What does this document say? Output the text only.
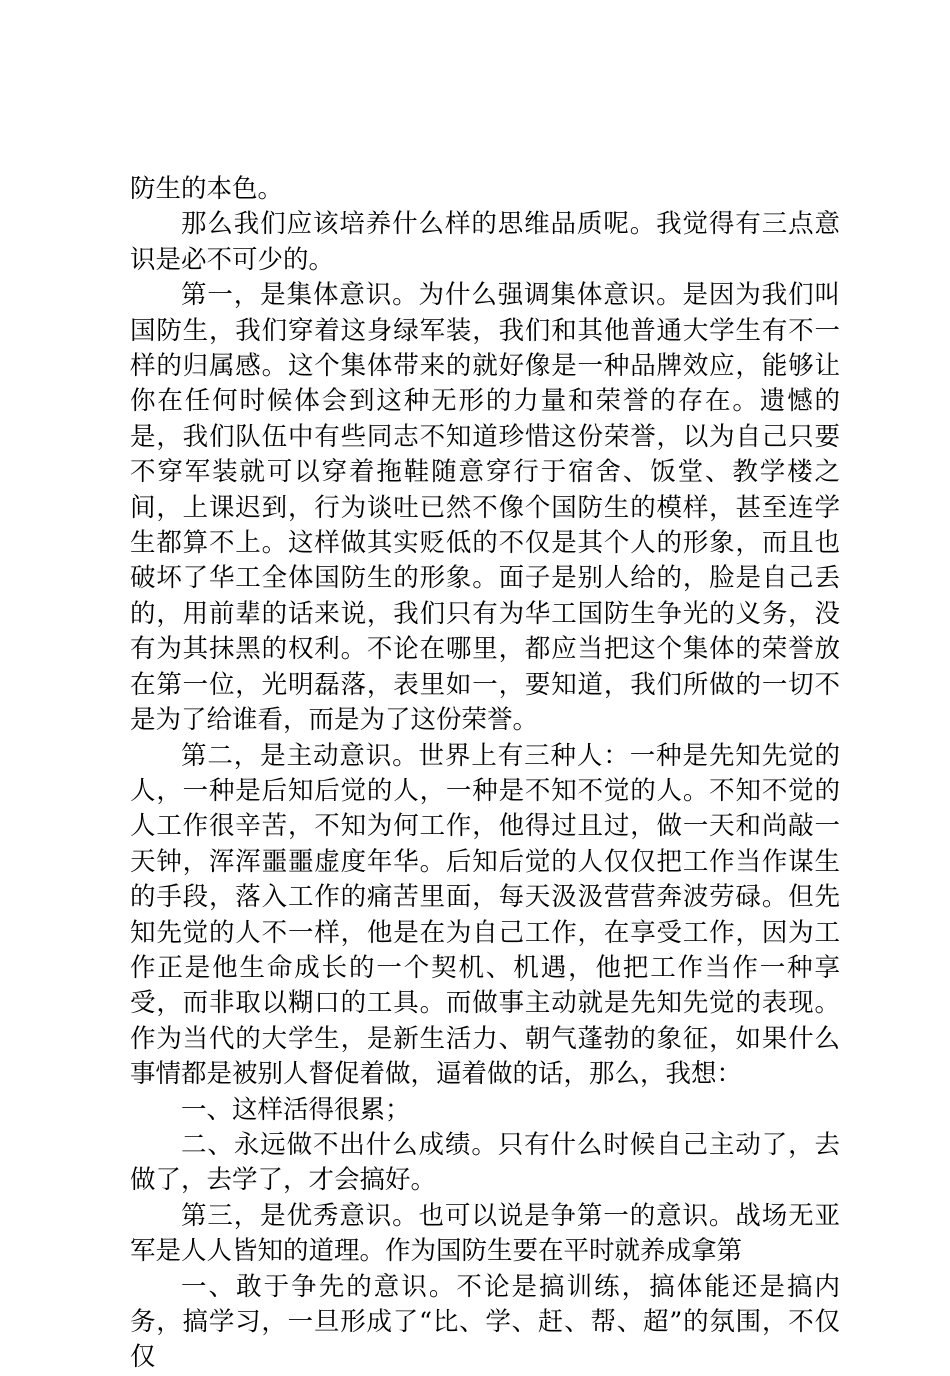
防生的本色。

那么我们应该培养什么样的思维品质呢。我觉得有三点意识是必不可少的。

第一，是集体意识。为什么强调集体意识。是因为我们叫国防生，我们穿着这身绿军装，我们和其他普通大学生有不一样的归属感。这个集体带来的就好像是一种品牌效应，能够让你在任何时候体会到这种无形的力量和荣誉的存在。遗憾的是，我们队伍中有些同志不知道珍惜这份荣誉，以为自己只要不穿军装就可以穿着拖鞋随意穿行于宿舍、饭堂、教学楼之间，上课迟到，行为谈吐已然不像个国防生的模样，甚至连学生都算不上。这样做其实贬低的不仅是其个人的形象，而且也破坏了华工全体国防生的形象。面子是别人给的，脸是自己丢的，用前辈的话来说，我们只有为华工国防生争光的义务，没有为其抹黑的权利。不论在哪里，都应当把这个集体的荣誉放在第一位，光明磊落，表里如一，要知道，我们所做的一切不是为了给谁看，而是为了这份荣誉。

第二，是主动意识。世界上有三种人：一种是先知先觉的人，一种是后知后觉的人，一种是不知不觉的人。不知不觉的人工作很辛苦，不知为何工作，他得过且过，做一天和尚敲一天钟，浑浑噩噩虚度年华。后知后觉的人仅仅把工作当作谋生的手段，落入工作的痛苦里面，每天汲汲营营奔波劳碌。但先知先觉的人不一样，他是在为自己工作，在享受工作，因为工作正是他生命成长的一个契机、机遇，他把工作当作一种享受，而非取以糊口的工具。而做事主动就是先知先觉的表现。作为当代的大学生，是新生活力、朝气蓬勃的象征，如果什么事情都是被别人督促着做，逼着做的话，那么，我想：

一、这样活得很累；

二、永远做不出什么成绩。只有什么时候自己主动了，去做了，去学了，才会搞好。

第三，是优秀意识。也可以说是争第一的意识。战场无亚军是人人皆知的道理。作为国防生要在平时就养成拿第

一、敢于争先的意识。不论是搞训练，搞体能还是搞内务，搞学习，一旦形成了“比、学、赶、帮、超”的氛围，不仅仅
